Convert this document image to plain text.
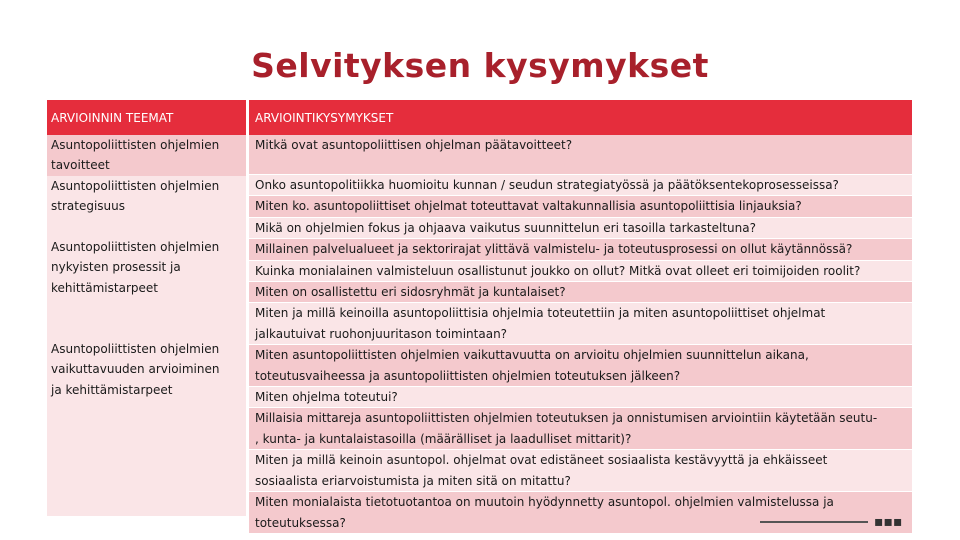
Selvityksen kysymykset
ARVIOINNIN TEEMAT	ARVIOINTIKYSYMYKSET
Asuntopoliittisten ohjelmien
tavoitteet
Asuntopoliittisten ohjelmien
strategisuus
Asuntopoliittisten ohjelmien
nykyisten prosessit ja
kehittämistarpeet
Asuntopoliittisten ohjelmien
vaikuttavuuden arvioiminen
ja kehittämistarpeet
Mitkä ovat asuntopoliittisen ohjelman päätavoitteet?
Onko asuntopolitiikka huomioitu kunnan / seudun strategiatyössä ja päätöksentekoprosesseissa?
Miten ko. asuntopoliittiset ohjelmat toteuttavat valtakunnallisia asuntopoliittisia linjauksia?
Mikä on ohjelmien fokus ja ohjaava vaikutus suunnittelun eri tasoilla tarkasteltuna?
Millainen palvelualueet ja sektorirajat ylittävä valmistelu- ja toteutusprosessi on ollut käytännössä?
Kuinka monialainen valmisteluun osallistunut joukko on ollut? Mitkä ovat olleet eri toimijoiden roolit?
Miten on osallistettu eri sidosryhmät ja kuntalaiset?
Miten ja millä keinoilla asuntopoliittisia ohjelmia toteutettiin ja miten asuntopoliittiset ohjelmat
jalkautuivat ruohonjuuritason toimintaan?
Miten asuntopoliittisten ohjelmien vaikuttavuutta on arvioitu ohjelmien suunnittelun aikana,
toteutusvaiheessa ja asuntopoliittisten ohjelmien toteutuksen jälkeen?
Miten ohjelma toteutui?
Millaisia mittareja asuntopoliittisten ohjelmien toteutuksen ja onnistumisen arviointiin käytetään seutu-
, kunta- ja kuntalaistasoilla (määrälliset ja laadulliset mittarit)?
Miten ja millä keinoin asuntopol. ohjelmat ovat edistäneet sosiaalista kestävyyttä ja ehkäisseet
sosiaalista eriarvoistumista ja miten sitä on mitattu?
Miten monialaista tietotuotantoa on muutoin hyödynnetty asuntopol. ohjelmien valmistelussa ja
toteutuksessa?	▪▪▪
